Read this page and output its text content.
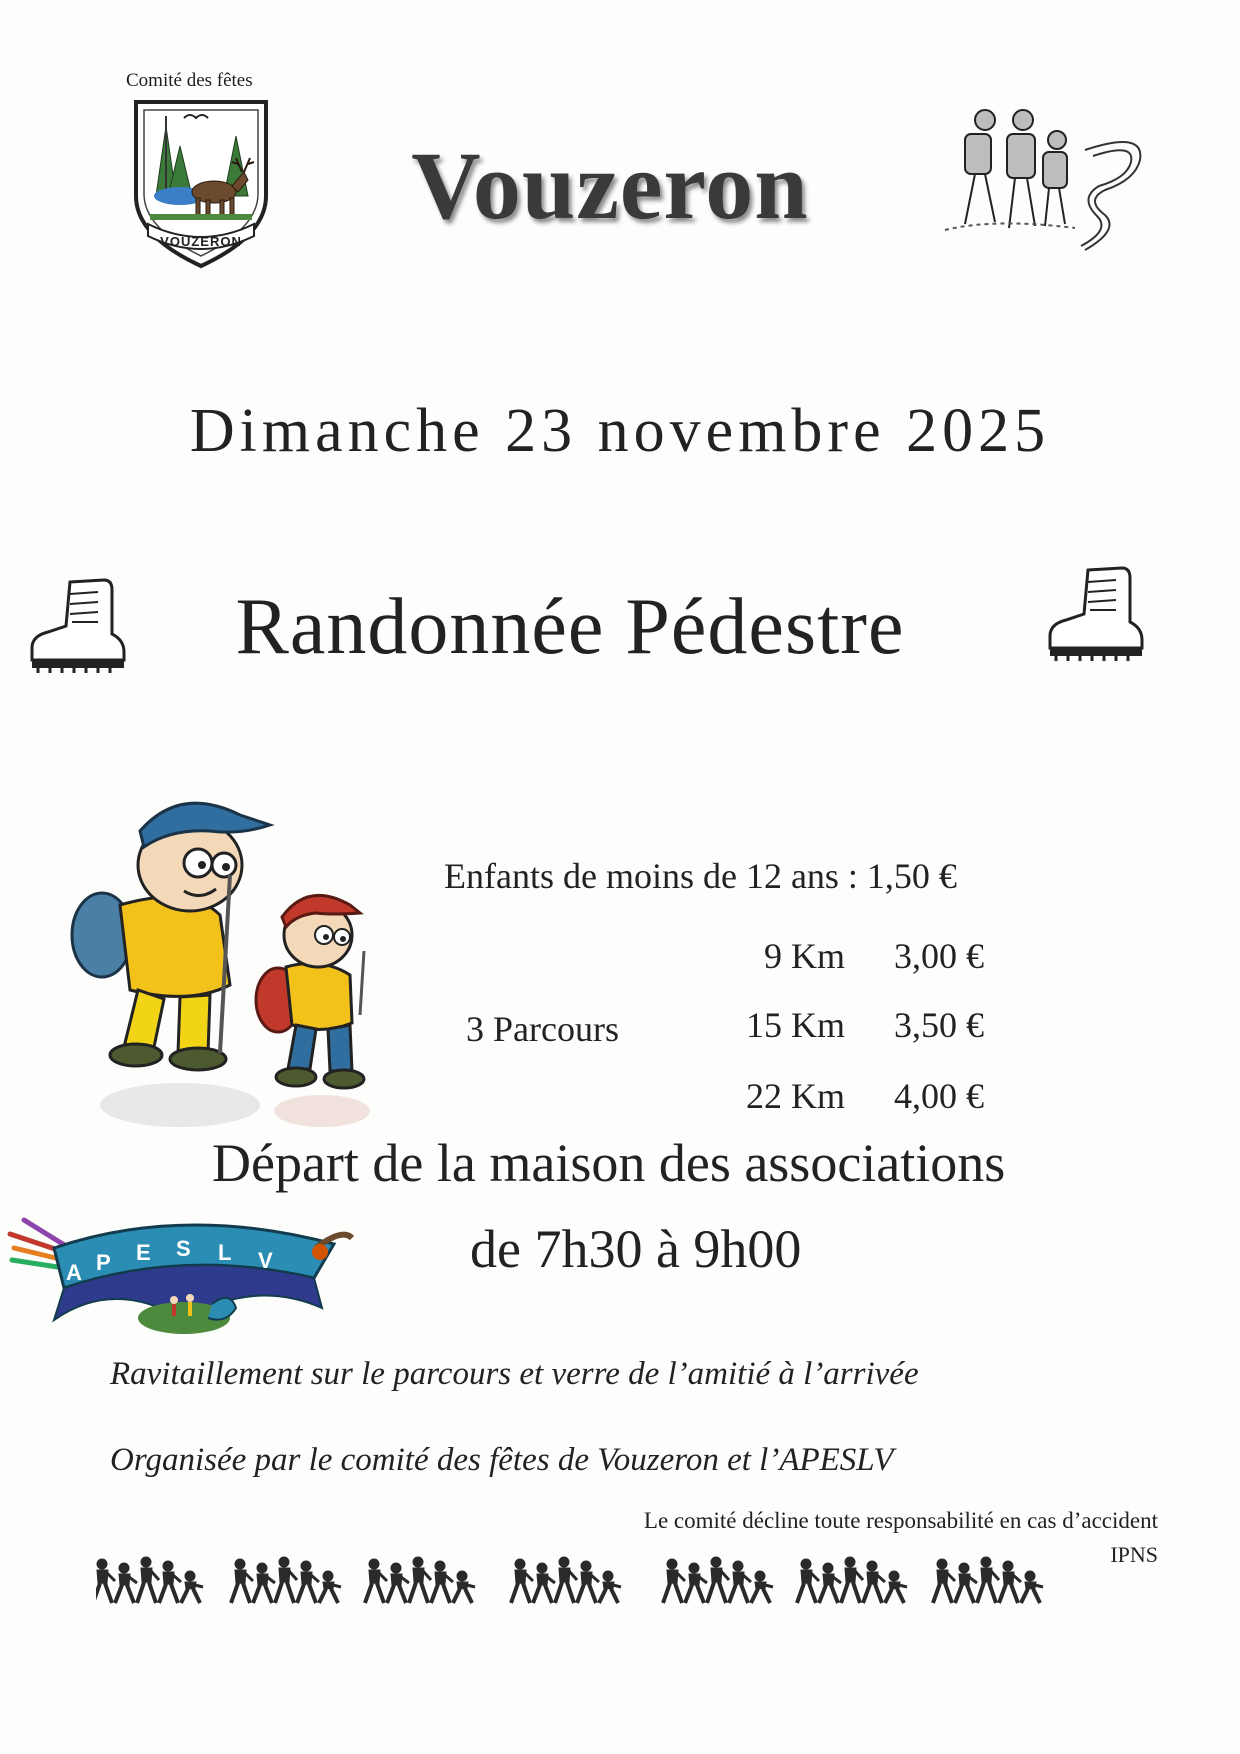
Comité des fêtes
VOUZERON
Vouzeron
Dimanche 23 novembre 2025
Randonnée Pédestre
Enfants de moins de 12 ans : 1,50 €
3 Parcours
9 Km 3,00 €
15 Km 3,50 €
22 Km 4,00 €
Départ de la maison des associations
de 7h30 à 9h00
P E S L V
A
Ravitaillement sur le parcours et verre de l’amitié à l’arrivée
Organisée par le comité des fêtes de Vouzeron et l’APESLV
Le comité décline toute responsabilité en cas d’accident
IPNS
